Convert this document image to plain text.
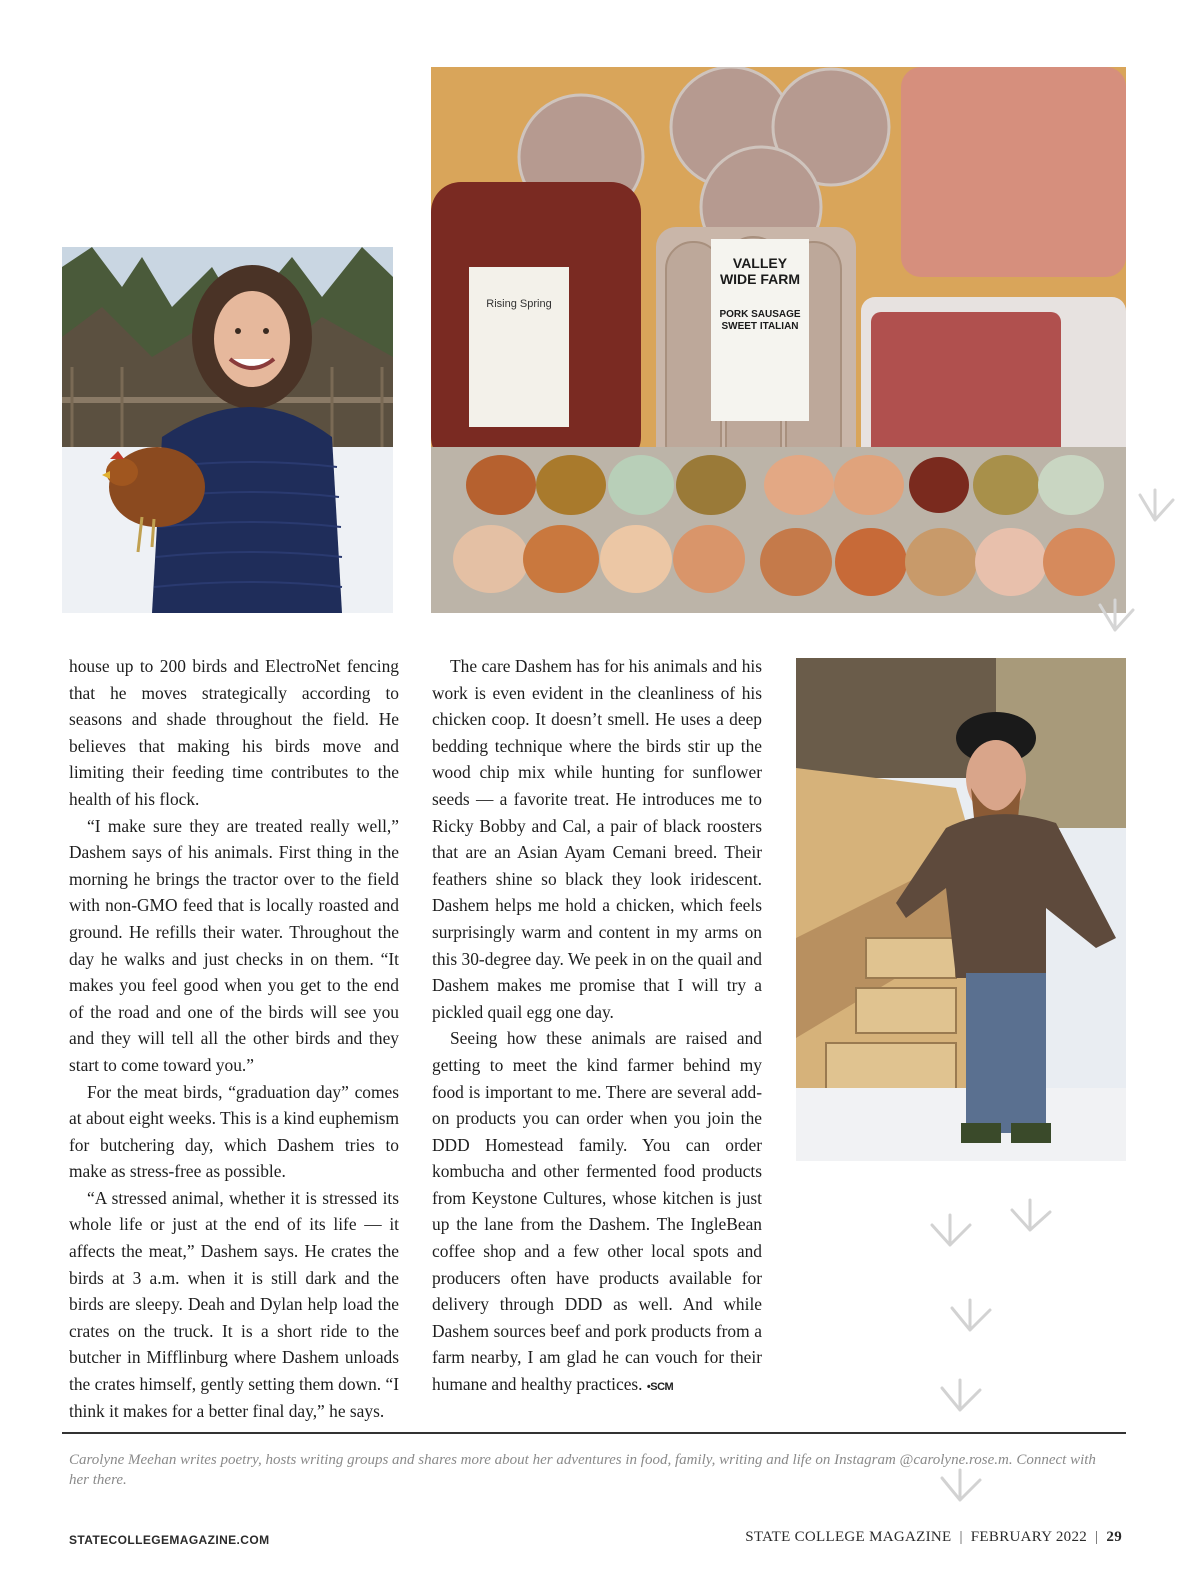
Rising Spring
VALLEY WIDE FARM
PORK SAUSAGE SWEET ITALIAN

house up to 200 birds and ElectroNet fencing that he moves strategically according to seasons and shade throughout the field. He believes that making his birds move and limiting their feeding time contributes to the health of his flock.

“I make sure they are treated really well,” Dashem says of his animals. First thing in the morning he brings the tractor over to the field with non-GMO feed that is locally roasted and ground. He refills their water. Throughout the day he walks and just checks in on them. “It makes you feel good when you get to the end of the road and one of the birds will see you and they will tell all the other birds and they start to come toward you.”

For the meat birds, “graduation day” comes at about eight weeks. This is a kind euphemism for butchering day, which Dashem tries to make as stress-free as possible.

“A stressed animal, whether it is stressed its whole life or just at the end of its life — it affects the meat,” Dashem says. He crates the birds at 3 a.m. when it is still dark and the birds are sleepy. Deah and Dylan help load the crates on the truck. It is a short ride to the butcher in Mifflinburg where Dashem unloads the crates himself, gently setting them down. “I think it makes for a better final day,” he says.

The care Dashem has for his animals and his work is even evident in the cleanliness of his chicken coop. It doesn’t smell. He uses a deep bedding technique where the birds stir up the wood chip mix while hunting for sunflower seeds — a favorite treat. He introduces me to Ricky Bobby and Cal, a pair of black roosters that are an Asian Ayam Cemani breed. Their feathers shine so black they look iridescent. Dashem helps me hold a chicken, which feels surprisingly warm and content in my arms on this 30-degree day. We peek in on the quail and Dashem makes me promise that I will try a pickled quail egg one day.

Seeing how these animals are raised and getting to meet the kind farmer behind my food is important to me. There are several add-on products you can order when you join the DDD Homestead family. You can order kombucha and other fermented food products from Keystone Cultures, whose kitchen is just up the lane from the Dashem. The IngleBean coffee shop and a few other local spots and producers often have products available for delivery through DDD as well. And while Dashem sources beef and pork products from a farm nearby, I am glad he can vouch for their humane and healthy practices. •SCM

Carolyne Meehan writes poetry, hosts writing groups and shares more about her adventures in food, family, writing and life on Instagram @carolyne.rose.m. Connect with her there.
STATECOLLEGEMAGAZINE.COM	STATE COLLEGE MAGAZINE | FEBRUARY 2022 | 29
